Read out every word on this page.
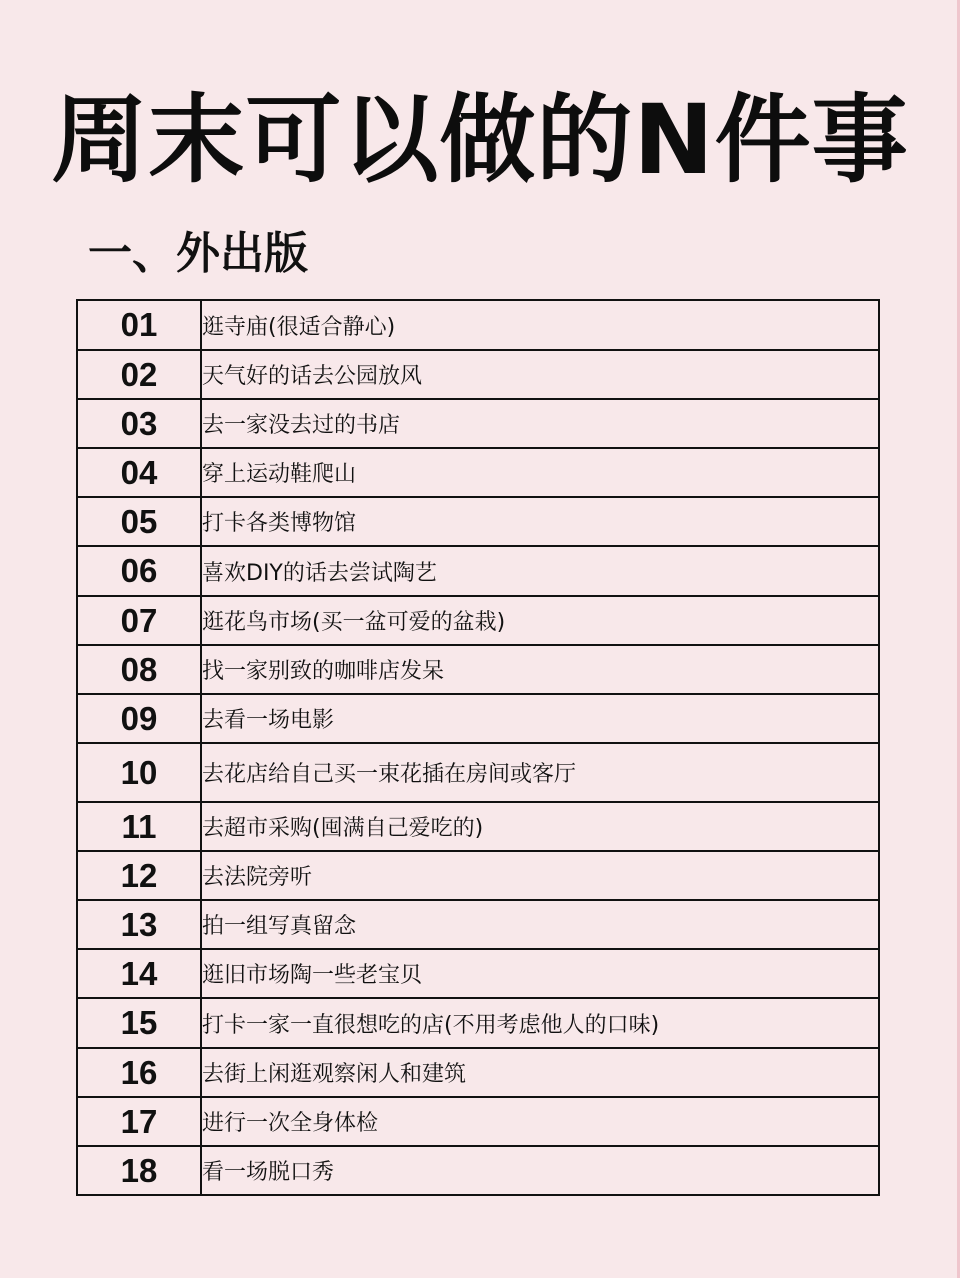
周末可以做的N件事
一、外出版
01	逛寺庙(很适合静心)
02	天气好的话去公园放风
03	去一家没去过的书店
04	穿上运动鞋爬山
05	打卡各类博物馆
06	喜欢DIY的话去尝试陶艺
07	逛花鸟市场(买一盆可爱的盆栽)
08	找一家别致的咖啡店发呆
09	去看一场电影
10	去花店给自己买一束花插在房间或客厅
11	去超市采购(囤满自己爱吃的)
12	去法院旁听
13	拍一组写真留念
14	逛旧市场陶一些老宝贝
15	打卡一家一直很想吃的店(不用考虑他人的口味)
16	去街上闲逛观察闲人和建筑
17	进行一次全身体检
18	看一场脱口秀
